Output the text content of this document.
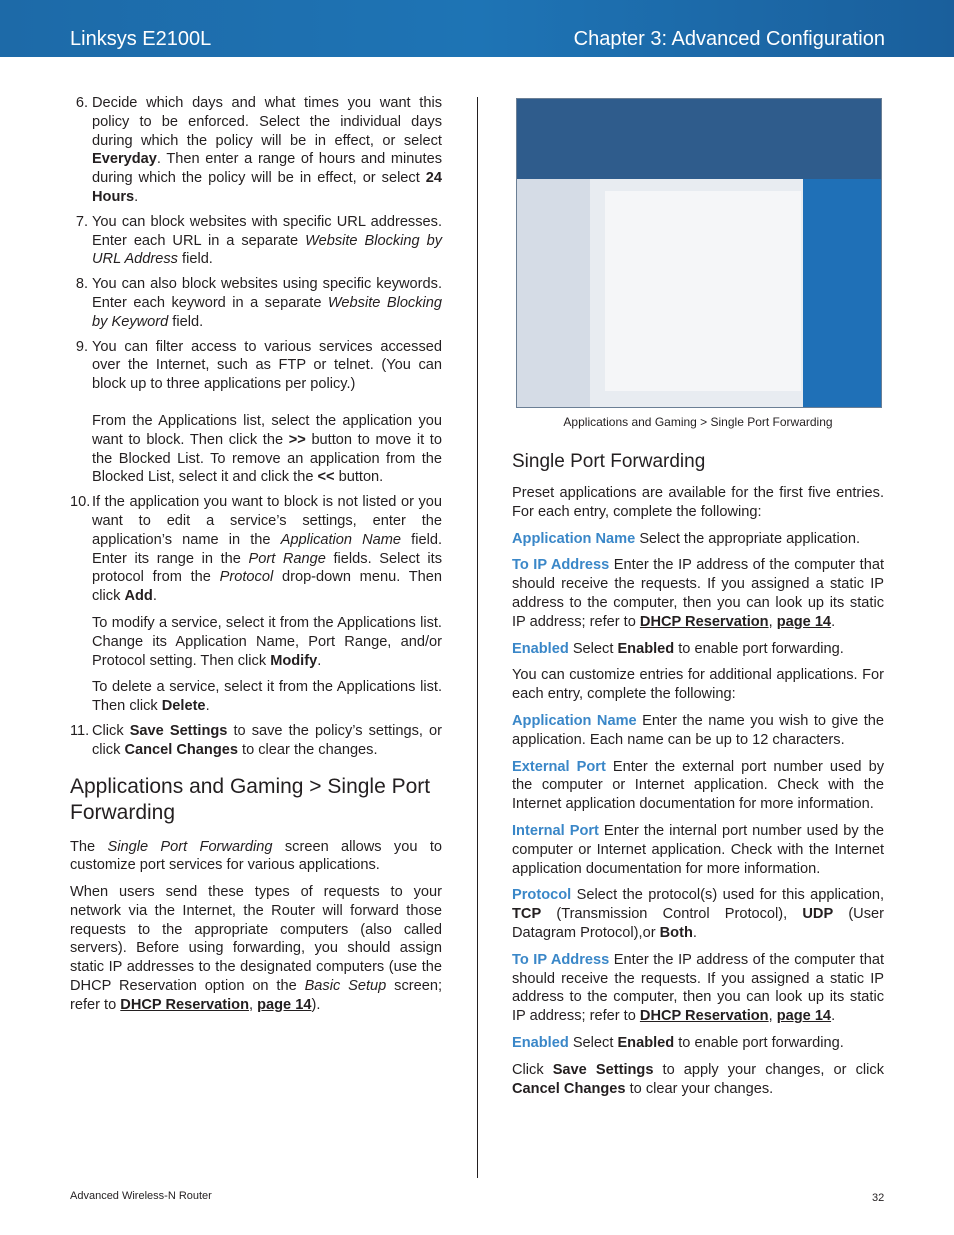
Linksys E2100L	Chapter 3: Advanced Configuration
6. Decide which days and what times you want this policy to be enforced. Select the individual days during which the policy will be in effect, or select Everyday. Then enter a range of hours and minutes during which the policy will be in effect, or select 24 Hours.

7. You can block websites with specific URL addresses. Enter each URL in a separate Website Blocking by URL Address field.

8. You can also block websites using specific keywords. Enter each keyword in a separate Website Blocking by Keyword field.

9. You can filter access to various services accessed over the Internet, such as FTP or telnet. (You can block up to three applications per policy.)

From the Applications list, select the application you want to block. Then click the >> button to move it to the Blocked List. To remove an application from the Blocked List, select it and click the << button.

10. If the application you want to block is not listed or you want to edit a service’s settings, enter the application’s name in the Application Name field. Enter its range in the Port Range fields. Select its protocol from the Protocol drop-down menu. Then click Add.

To modify a service, select it from the Applications list. Change its Application Name, Port Range, and/or Protocol setting. Then click Modify.

To delete a service, select it from the Applications list. Then click Delete.

11. Click Save Settings to save the policy’s settings, or click Cancel Changes to clear the changes.

Applications and Gaming > Single Port Forwarding

The Single Port Forwarding screen allows you to customize port services for various applications.

When users send these types of requests to your network via the Internet, the Router will forward those requests to the appropriate computers (also called servers). Before using forwarding, you should assign static IP addresses to the designated computers (use the DHCP Reservation option on the Basic Setup screen; refer to DHCP Reservation, page 14).

Applications and Gaming > Single Port Forwarding
Single Port Forwarding

Preset applications are available for the first five entries. For each entry, complete the following:

Application Name Select the appropriate application.

To IP Address Enter the IP address of the computer that should receive the requests. If you assigned a static IP address to the computer, then you can look up its static IP address; refer to DHCP Reservation, page 14.

Enabled Select Enabled to enable port forwarding.

You can customize entries for additional applications. For each entry, complete the following:

Application Name Enter the name you wish to give the application. Each name can be up to 12 characters.

External Port Enter the external port number used by the computer or Internet application. Check with the Internet application documentation for more information.

Internal Port Enter the internal port number used by the computer or Internet application. Check with the Internet application documentation for more information.

Protocol Select the protocol(s) used for this application, TCP (Transmission Control Protocol), UDP (User Datagram Protocol),or Both.

To IP Address Enter the IP address of the computer that should receive the requests. If you assigned a static IP address to the computer, then you can look up its static IP address; refer to DHCP Reservation, page 14.

Enabled Select Enabled to enable port forwarding.

Click Save Settings to apply your changes, or click Cancel Changes to clear your changes.

Advanced Wireless-N Router	32
